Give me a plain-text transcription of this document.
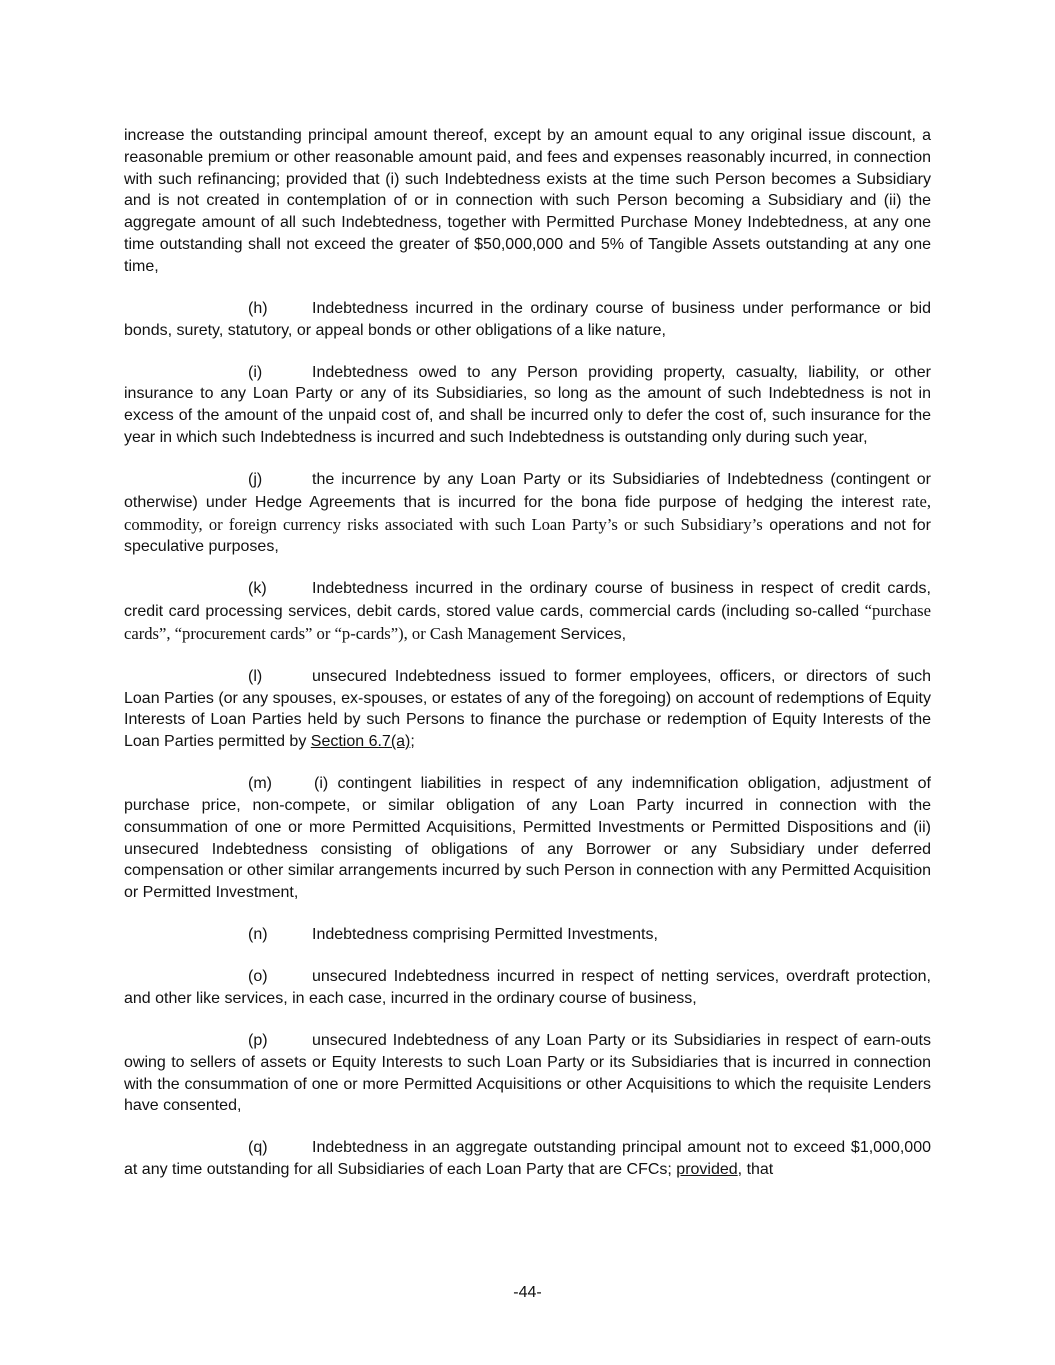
increase the outstanding principal amount thereof, except by an amount equal to any original issue discount, a reasonable premium or other reasonable amount paid, and fees and expenses reasonably incurred, in connection with such refinancing; provided that (i) such Indebtedness exists at the time such Person becomes a Subsidiary and is not created in contemplation of or in connection with such Person becoming a Subsidiary and (ii) the aggregate amount of all such Indebtedness, together with Permitted Purchase Money Indebtedness, at any one time outstanding shall not exceed the greater of $50,000,000 and 5% of Tangible Assets outstanding at any one time,

(h)	Indebtedness incurred in the ordinary course of business under performance or bid bonds, surety, statutory, or appeal bonds or other obligations of a like nature,

(i)	Indebtedness owed to any Person providing property, casualty, liability, or other insurance to any Loan Party or any of its Subsidiaries, so long as the amount of such Indebtedness is not in excess of the amount of the unpaid cost of, and shall be incurred only to defer the cost of, such insurance for the year in which such Indebtedness is incurred and such Indebtedness is outstanding only during such year,

(j)	the incurrence by any Loan Party or its Subsidiaries of Indebtedness (contingent or otherwise) under Hedge Agreements that is incurred for the bona fide purpose of hedging the interest rate, commodity, or foreign currency risks associated with such Loan Party’s or such Subsidiary’s operations and not for speculative purposes,

(k)	Indebtedness incurred in the ordinary course of business in respect of credit cards, credit card processing services, debit cards, stored value cards, commercial cards (including so-called “purchase cards”, “procurement cards” or “p-cards”), or Cash Management Services,

(l)	unsecured Indebtedness issued to former employees, officers, or directors of such Loan Parties (or any spouses, ex-spouses, or estates of any of the foregoing) on account of redemptions of Equity Interests of Loan Parties held by such Persons to finance the purchase or redemption of Equity Interests of the Loan Parties permitted by Section 6.7(a);

(m)	(i) contingent liabilities in respect of any indemnification obligation, adjustment of purchase price, non-compete, or similar obligation of any Loan Party incurred in connection with the consummation of one or more Permitted Acquisitions, Permitted Investments or Permitted Dispositions and (ii) unsecured Indebtedness consisting of obligations of any Borrower or any Subsidiary under deferred compensation or other similar arrangements incurred by such Person in connection with any Permitted Acquisition or Permitted Investment,

(n)	Indebtedness comprising Permitted Investments,

(o)	unsecured Indebtedness incurred in respect of netting services, overdraft protection, and other like services, in each case, incurred in the ordinary course of business,

(p)	unsecured Indebtedness of any Loan Party or its Subsidiaries in respect of earn-outs owing to sellers of assets or Equity Interests to such Loan Party or its Subsidiaries that is incurred in connection with the consummation of one or more Permitted Acquisitions or other Acquisitions to which the requisite Lenders have consented,

(q)	Indebtedness in an aggregate outstanding principal amount not to exceed $1,000,000 at any time outstanding for all Subsidiaries of each Loan Party that are CFCs; provided, that

-44-
